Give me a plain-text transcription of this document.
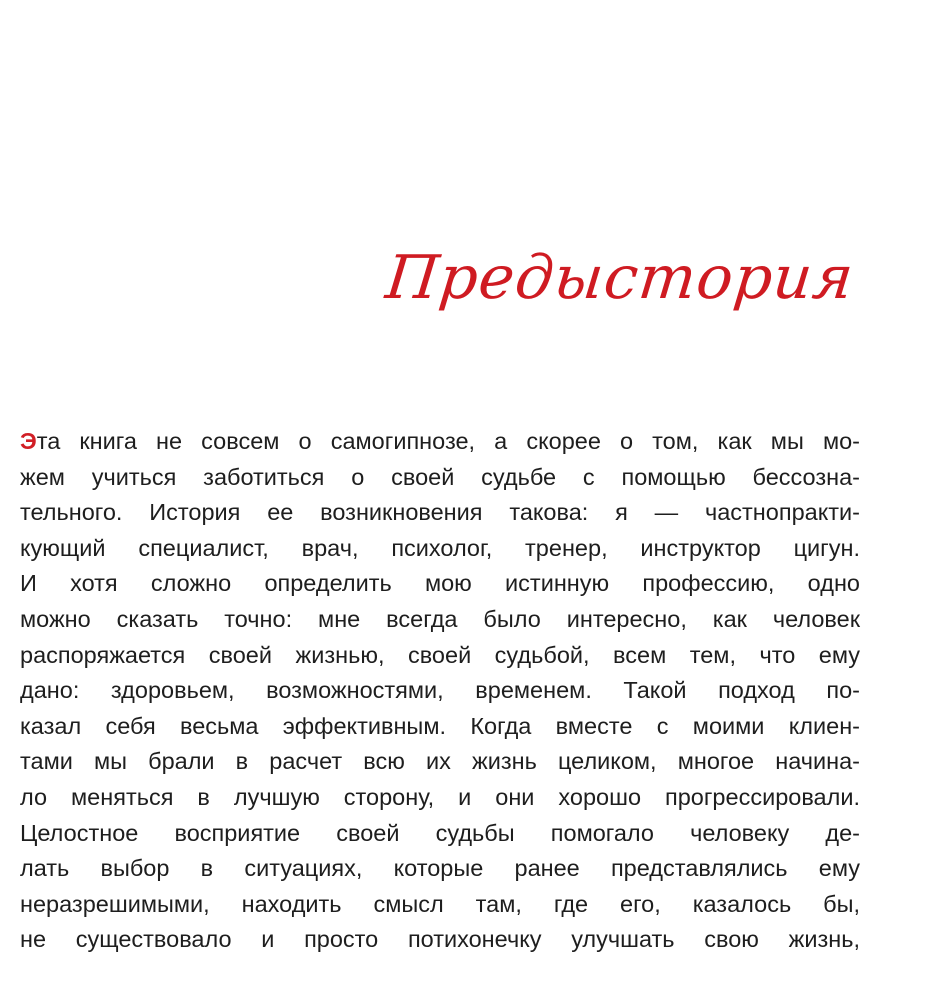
Предыстория
Эта книга не совсем о самогипнозе, а скорее о том, как мы мо-
жем учиться заботиться о своей судьбе с помощью бессозна-
тельного. История ее возникновения такова: я — частнопракти-
кующий специалист, врач, психолог, тренер, инструктор цигун.
И хотя сложно определить мою истинную профессию, одно
можно сказать точно: мне всегда было интересно, как человек
распоряжается своей жизнью, своей судьбой, всем тем, что ему
дано: здоровьем, возможностями, временем. Такой подход по-
казал себя весьма эффективным. Когда вместе с моими клиен-
тами мы брали в расчет всю их жизнь целиком, многое начина-
ло меняться в лучшую сторону, и они хорошо прогрессировали.
Целостное восприятие своей судьбы помогало человеку де-
лать выбор в ситуациях, которые ранее представлялись ему
неразрешимыми, находить смысл там, где его, казалось бы,
не существовало и просто потихонечку улучшать свою жизнь,
